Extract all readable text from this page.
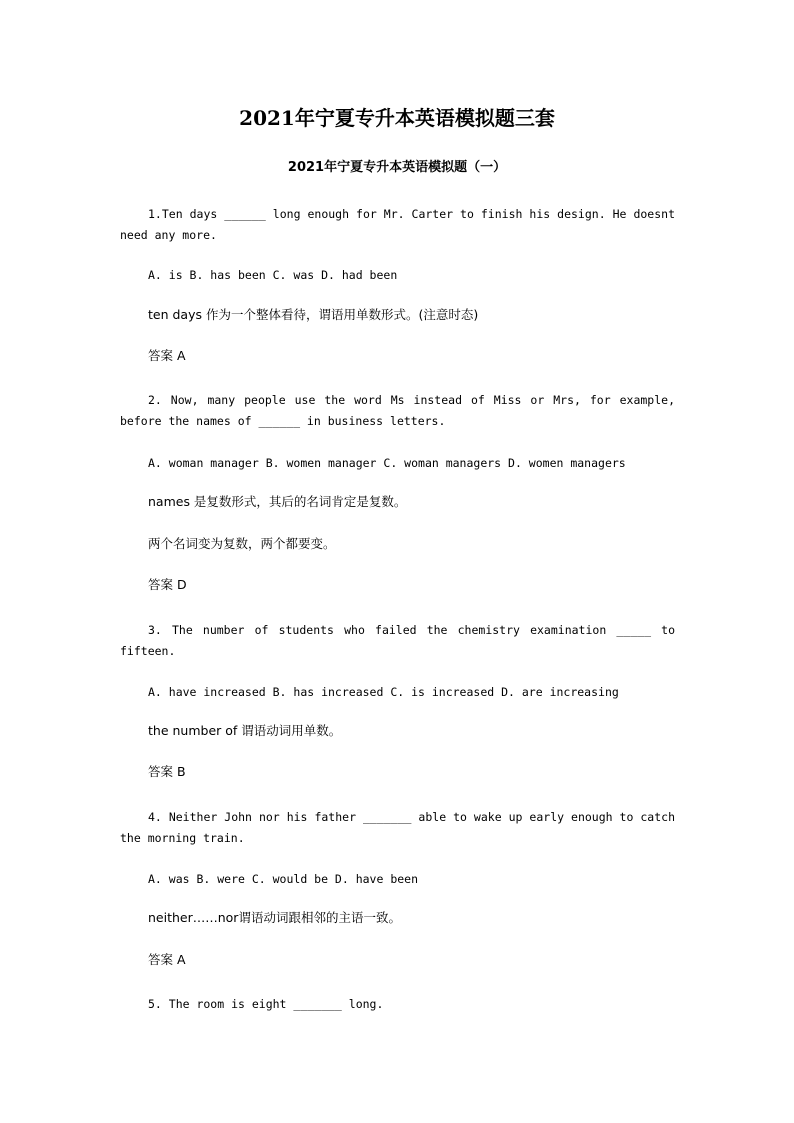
2021年宁夏专升本英语模拟题三套
2021年宁夏专升本英语模拟题（一）
1.Ten days ______ long enough for Mr. Carter to finish his design. He doesnt need any more.
A. is B. has been C. was D. had been
ten days 作为一个整体看待，谓语用单数形式。(注意时态)
答案 A
2. Now, many people use the word Ms instead of Miss or Mrs, for example, before the names of ______ in business letters.
A. woman manager B. women manager C. woman managers D. women managers
names 是复数形式，其后的名词肯定是复数。
两个名词变为复数，两个都要变。
答案 D
3. The number of students who failed the chemistry examination _____ to fifteen.
A. have increased B. has increased C. is increased D. are increasing
the number of 谓语动词用单数。
答案 B
4. Neither John nor his father _______ able to wake up early enough to catch the morning train.
A. was B. were C. would be D. have been
neither……nor谓语动词跟相邻的主语一致。
答案 A
5. The room is eight _______ long.
